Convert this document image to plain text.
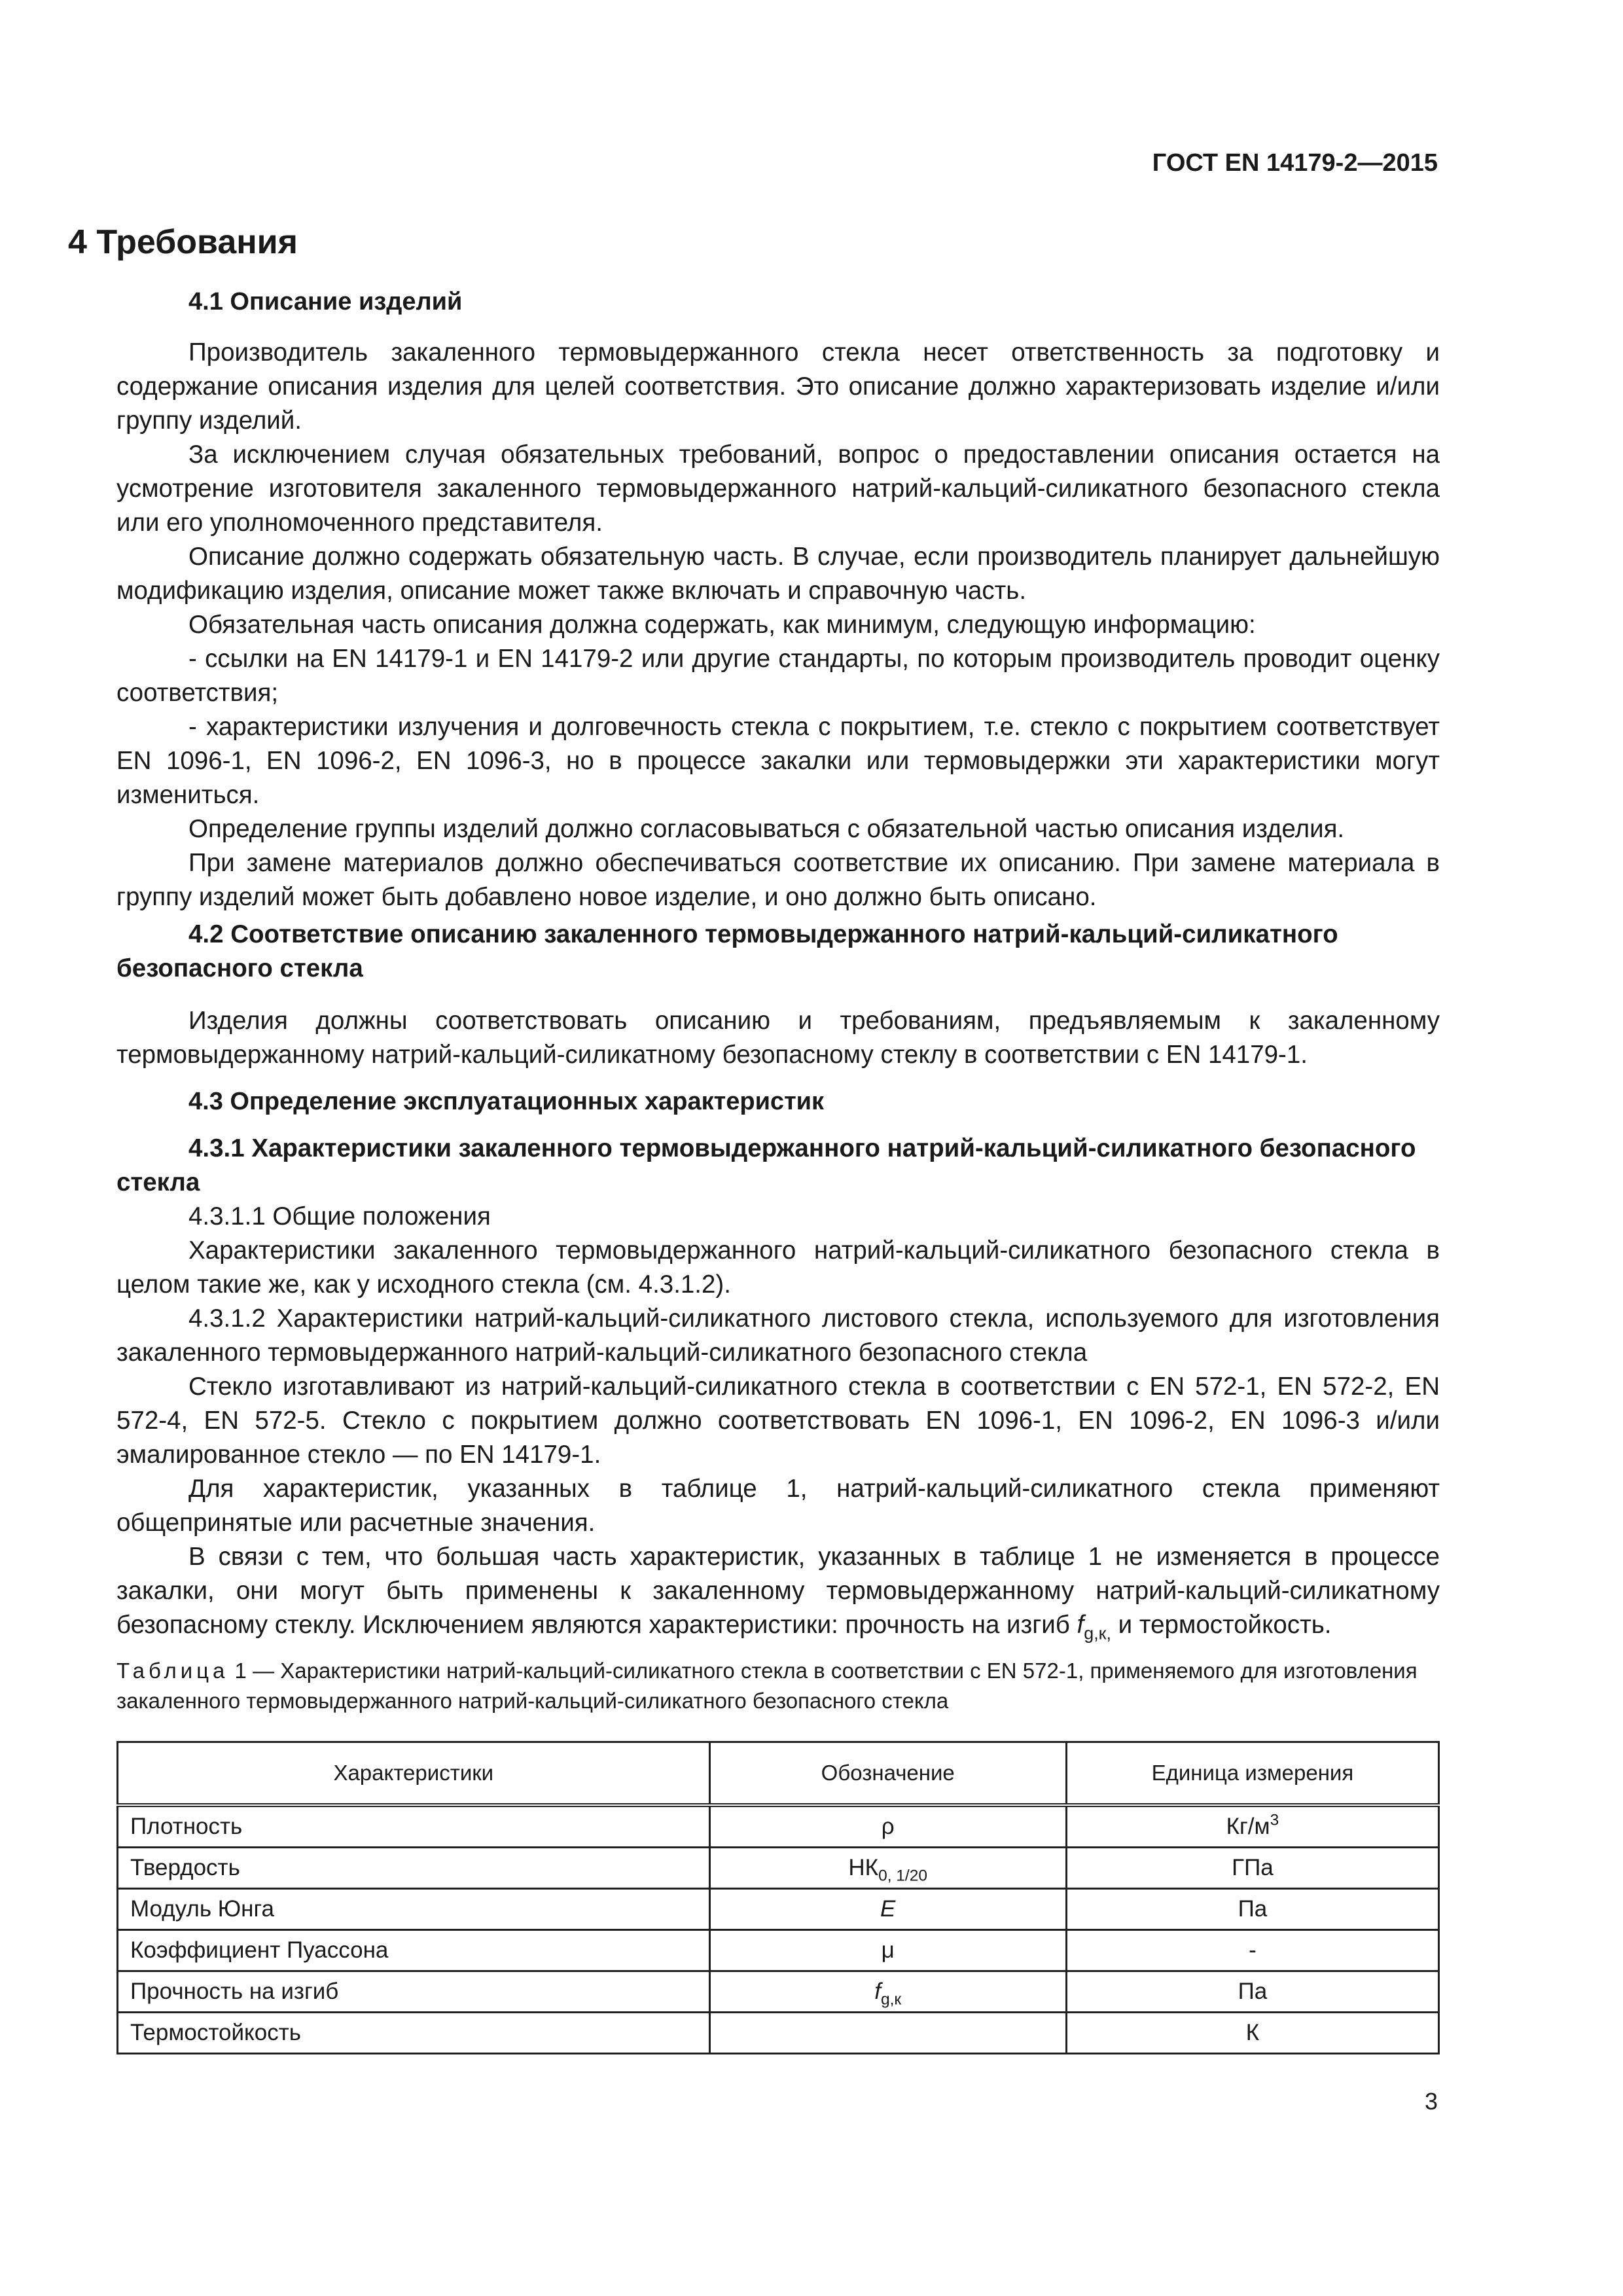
ГОСТ EN 14179-2—2015
4 Требования
4.1 Описание изделий

Производитель закаленного термовыдержанного стекла несет ответственность за подготовку и содержание описания изделия для целей соответствия. Это описание должно характеризовать изделие и/или группу изделий.

За исключением случая обязательных требований, вопрос о предоставлении описания остается на усмотрение изготовителя закаленного термовыдержанного натрий-кальций-силикатного безопасного стекла или его уполномоченного представителя.

Описание должно содержать обязательную часть. В случае, если производитель планирует дальнейшую модификацию изделия, описание может также включать и справочную часть.

Обязательная часть описания должна содержать, как минимум, следующую информацию:

- ссылки на EN 14179-1 и EN 14179-2 или другие стандарты, по которым производитель проводит оценку соответствия;

- характеристики излучения и долговечность стекла с покрытием, т.е. стекло с покрытием соответствует EN 1096-1, EN 1096-2, EN 1096-3, но в процессе закалки или термовыдержки эти характеристики могут измениться.

Определение группы изделий должно согласовываться с обязательной частью описания изделия.

При замене материалов должно обеспечиваться соответствие их описанию. При замене материала в группу изделий может быть добавлено новое изделие, и оно должно быть описано.

4.2 Соответствие описанию закаленного термовыдержанного натрий-кальций-силикатного безопасного стекла

Изделия должны соответствовать описанию и требованиям, предъявляемым к закаленному термовыдержанному натрий-кальций-силикатному безопасному стеклу в соответствии с EN 14179-1.

4.3 Определение эксплуатационных характеристик
4.3.1 Характеристики закаленного термовыдержанного натрий-кальций-силикатного безопасного стекла

4.3.1.1 Общие положения

Характеристики закаленного термовыдержанного натрий-кальций-силикатного безопасного стекла в целом такие же, как у исходного стекла (см. 4.3.1.2).

4.3.1.2 Характеристики натрий-кальций-силикатного листового стекла, используемого для изготовления закаленного термовыдержанного натрий-кальций-силикатного безопасного стекла

Стекло изготавливают из натрий-кальций-силикатного стекла в соответствии с EN 572-1, EN 572-2, EN 572-4, EN 572-5. Стекло с покрытием должно соответствовать EN 1096-1, EN 1096-2, EN 1096-3 и/или эмалированное стекло — по EN 14179-1.

Для характеристик, указанных в таблице 1, натрий-кальций-силикатного стекла применяют общепринятые или расчетные значения.

В связи с тем, что большая часть характеристик, указанных в таблице 1 не изменяется в процессе закалки, они могут быть применены к закаленному термовыдержанному натрий-кальций-силикатному безопасному стеклу. Исключением являются характеристики: прочность на изгиб $f_{g,к,}$ и термостойкость.

Таблица 1 — Характеристики натрий-кальций-силикатного стекла в соответствии с EN 572-1, применяемого для изготовления закаленного термовыдержанного натрий-кальций-силикатного безопасного стекла

Характеристики	Обозначение	Единица измерения
Плотность	ρ	$Кг/м^3$
Твердость	$НК_{0, 1/20}$	ГПа
Модуль Юнга	E	Па
Коэффициент Пуассона	μ	-
Прочность на изгиб	$f_{g,к}$	Па
Термостойкость		К
3
